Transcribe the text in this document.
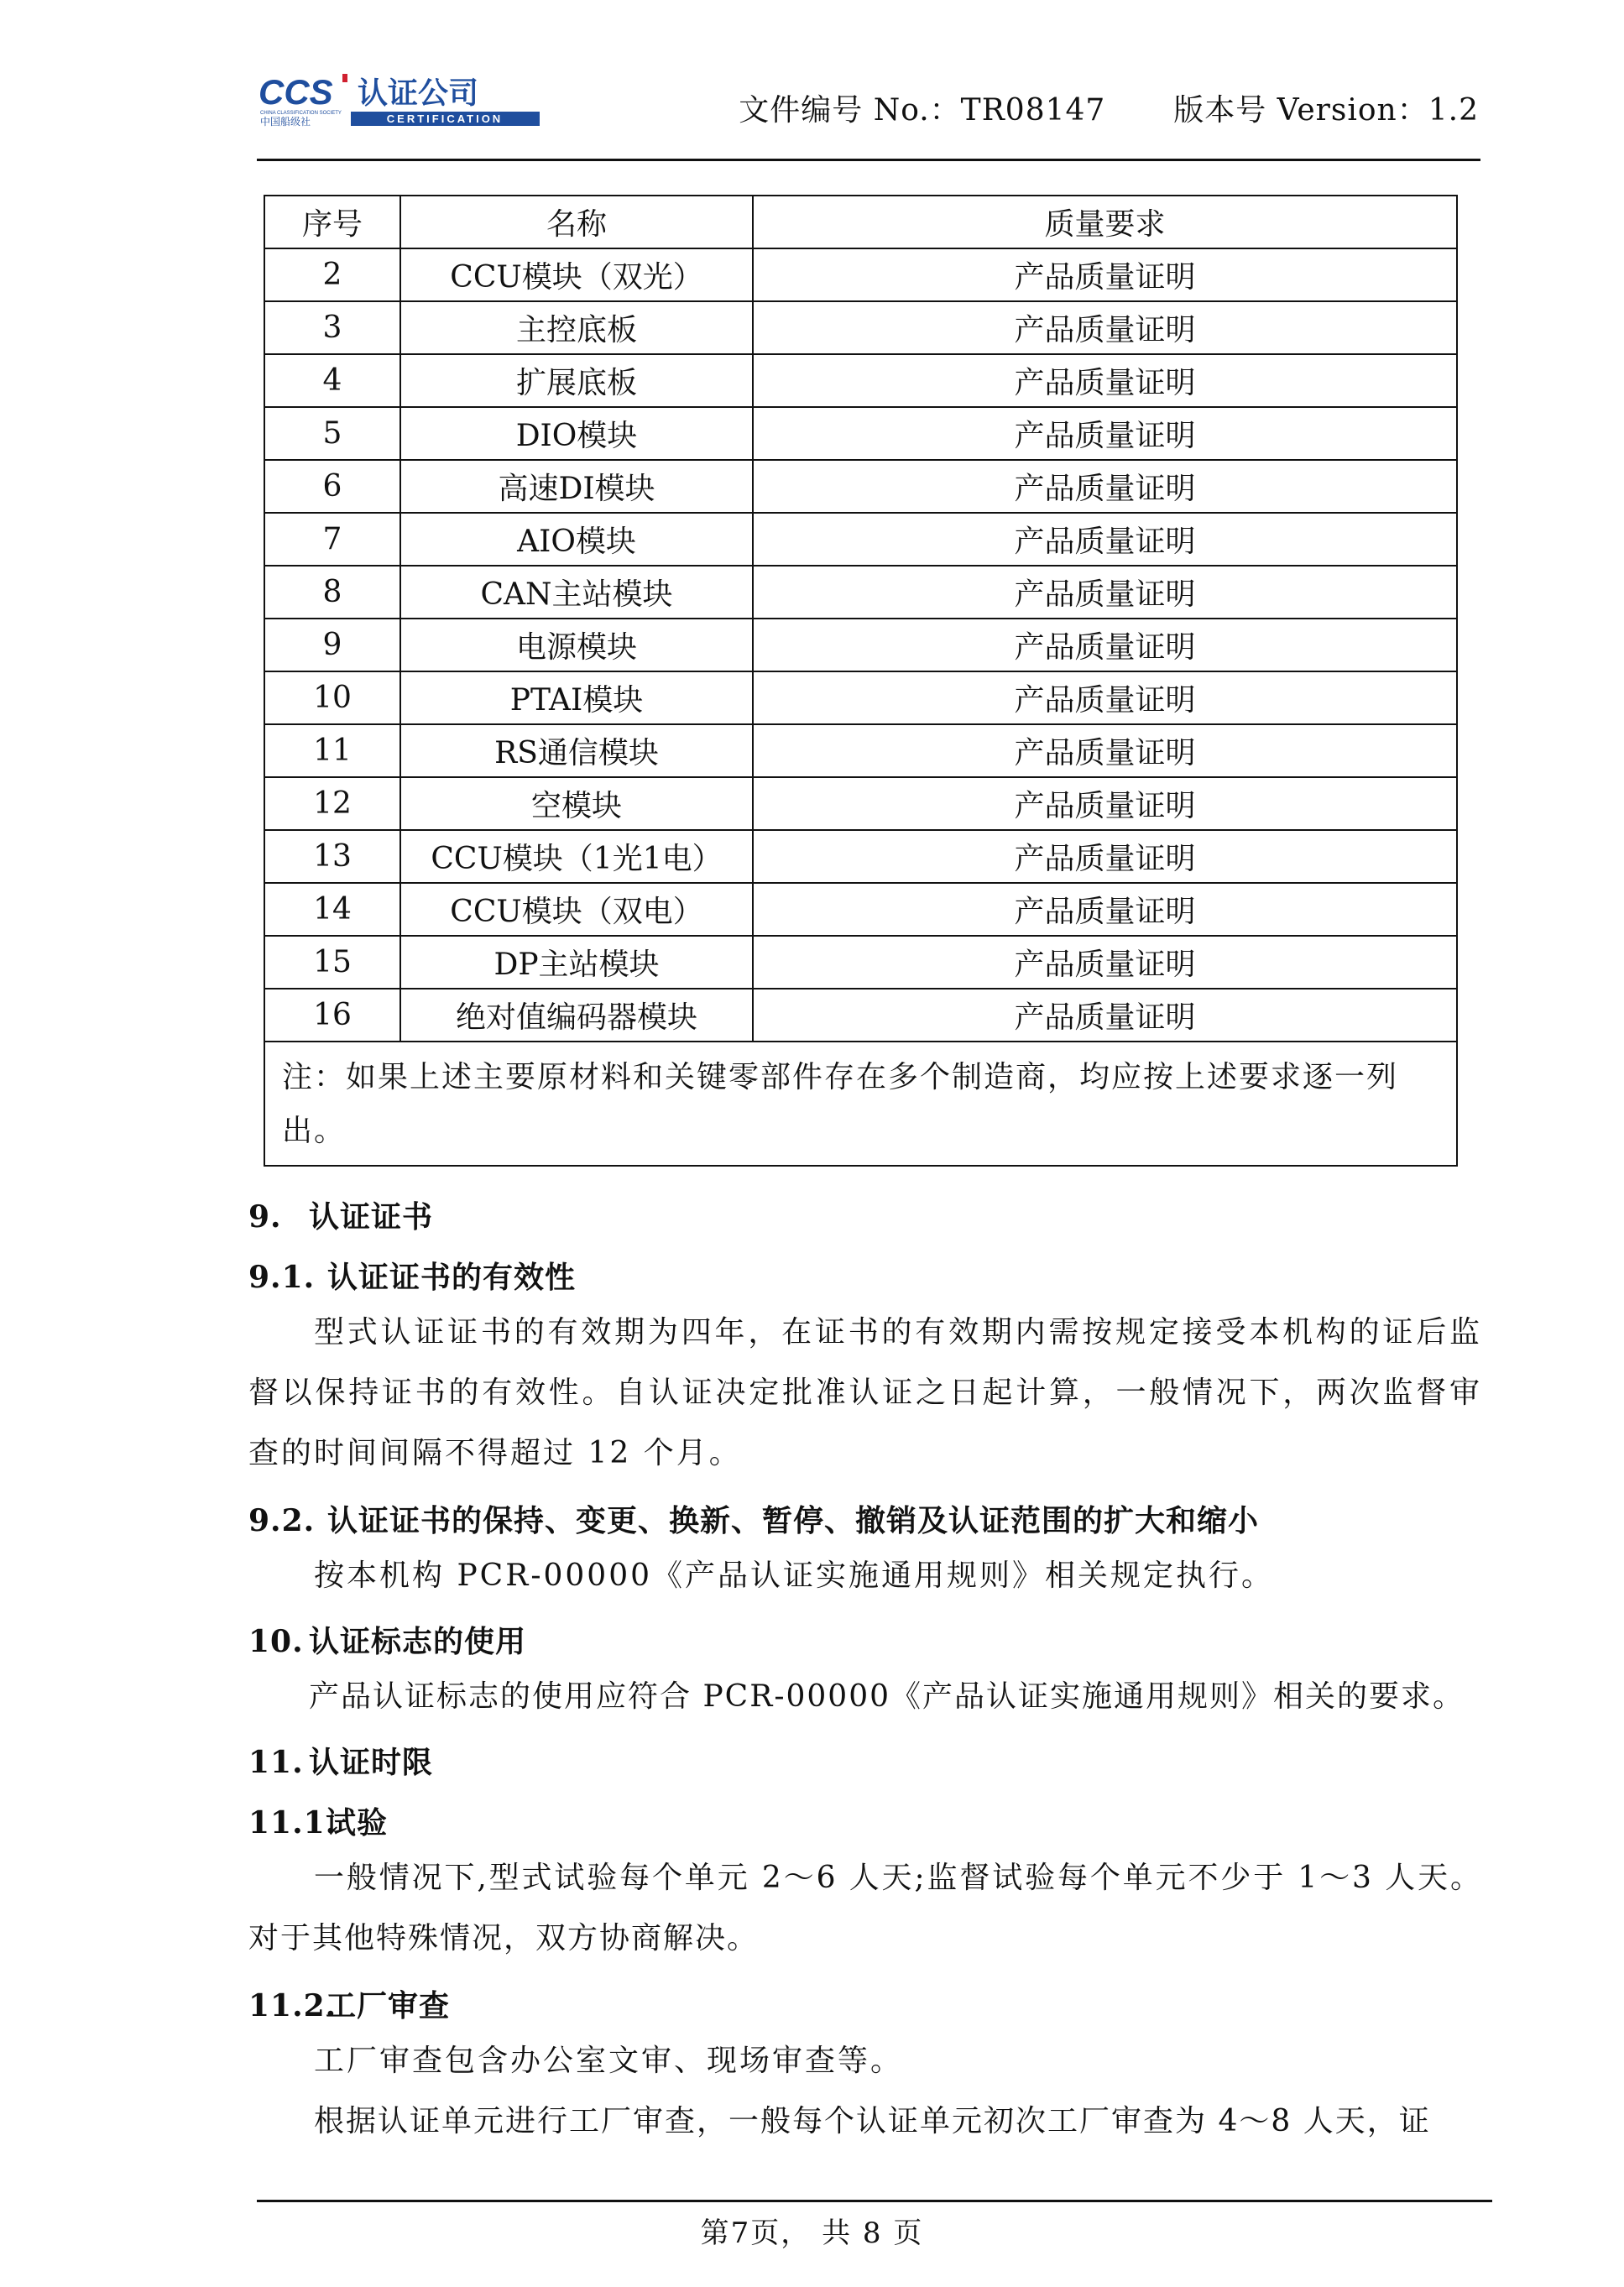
CCS 认证公司
CHINA CLASSIFICATION SOCIETY
中国船级社	CERTIFICATION	文件编号 No.：TR08147 版本号 Version：1.2
序号	名称	质量要求
2	CCU模块（双光）	产品质量证明
3	主控底板	产品质量证明
4	扩展底板	产品质量证明
5	DIO模块	产品质量证明
6	高速DI模块	产品质量证明
7	AIO模块	产品质量证明
8	CAN主站模块	产品质量证明
9	电源模块	产品质量证明
10	PTAI模块	产品质量证明
11	RS通信模块	产品质量证明
12	空模块	产品质量证明
13	CCU模块（1光1电）	产品质量证明
14	CCU模块（双电）	产品质量证明
15	DP主站模块	产品质量证明
16	绝对值编码器模块	产品质量证明
注：如果上述主要原材料和关键零部件存在多个制造商，均应按上述要求逐一列出。		
9. 认证证书
9.1. 认证证书的有效性
型式认证证书的有效期为四年，在证书的有效期内需按规定接受本机构的证后监督以保持证书的有效性。自认证决定批准认证之日起计算，一般情况下，两次监督审查的时间间隔不得超过 12 个月。
9.2. 认证证书的保持、变更、换新、暂停、撤销及认证范围的扩大和缩小
按本机构 PCR-00000《产品认证实施通用规则》相关规定执行。
10. 认证标志的使用
产品认证标志的使用应符合 PCR-00000《产品认证实施通用规则》相关的要求。
11. 认证时限
11.1.试验
一般情况下,型式试验每个单元 2～6 人天;监督试验每个单元不少于 1～3 人天。对于其他特殊情况，双方协商解决。
11.2.工厂审查
工厂审查包含办公室文审、现场审查等。
根据认证单元进行工厂审查，一般每个认证单元初次工厂审查为 4～8 人天，证
第7页， 共 8 页
